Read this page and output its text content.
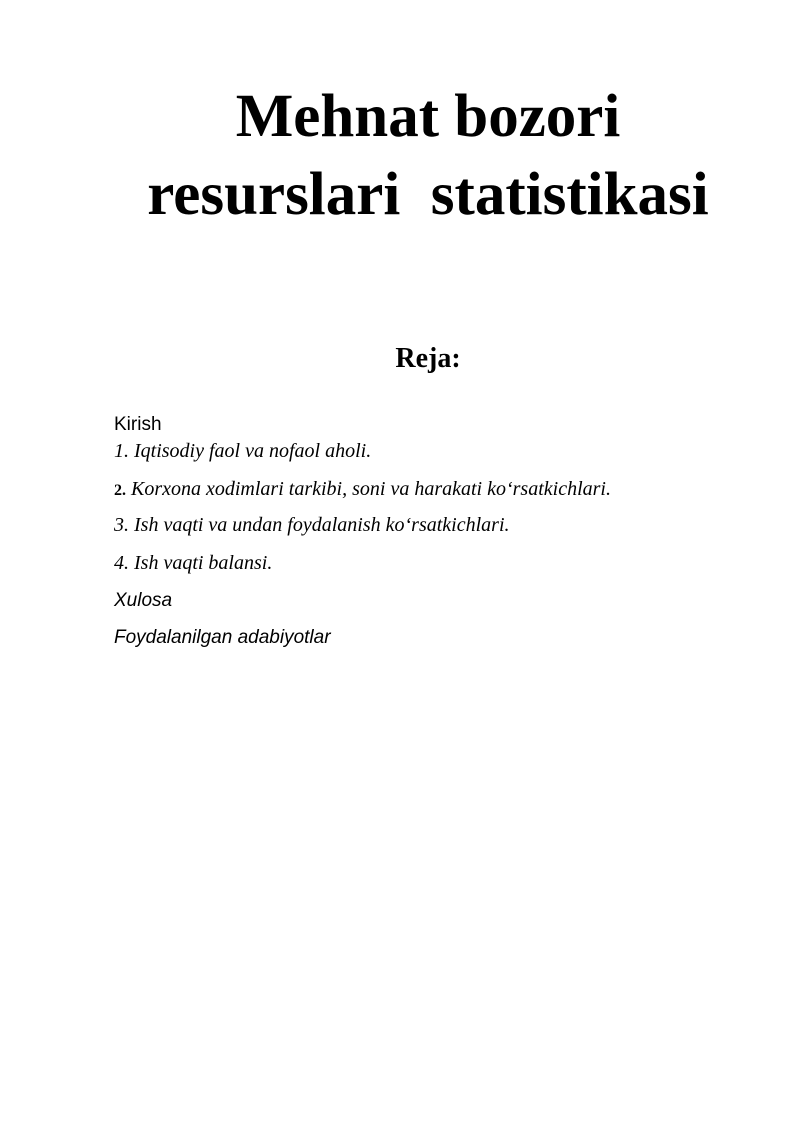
Mehnat bozori
resurslari  statistikasi
Reja:
Kirish
1. Iqtisodiy faol va nofaol aholi.
2. Korxona xodimlari tarkibi, soni va harakati ko‘rsatkichlari.
3. Ish vaqti va undan foydalanish ko‘rsatkichlari.
4. Ish vaqti balansi.
Xulosa
Foydalanilgan adabiyotlar
